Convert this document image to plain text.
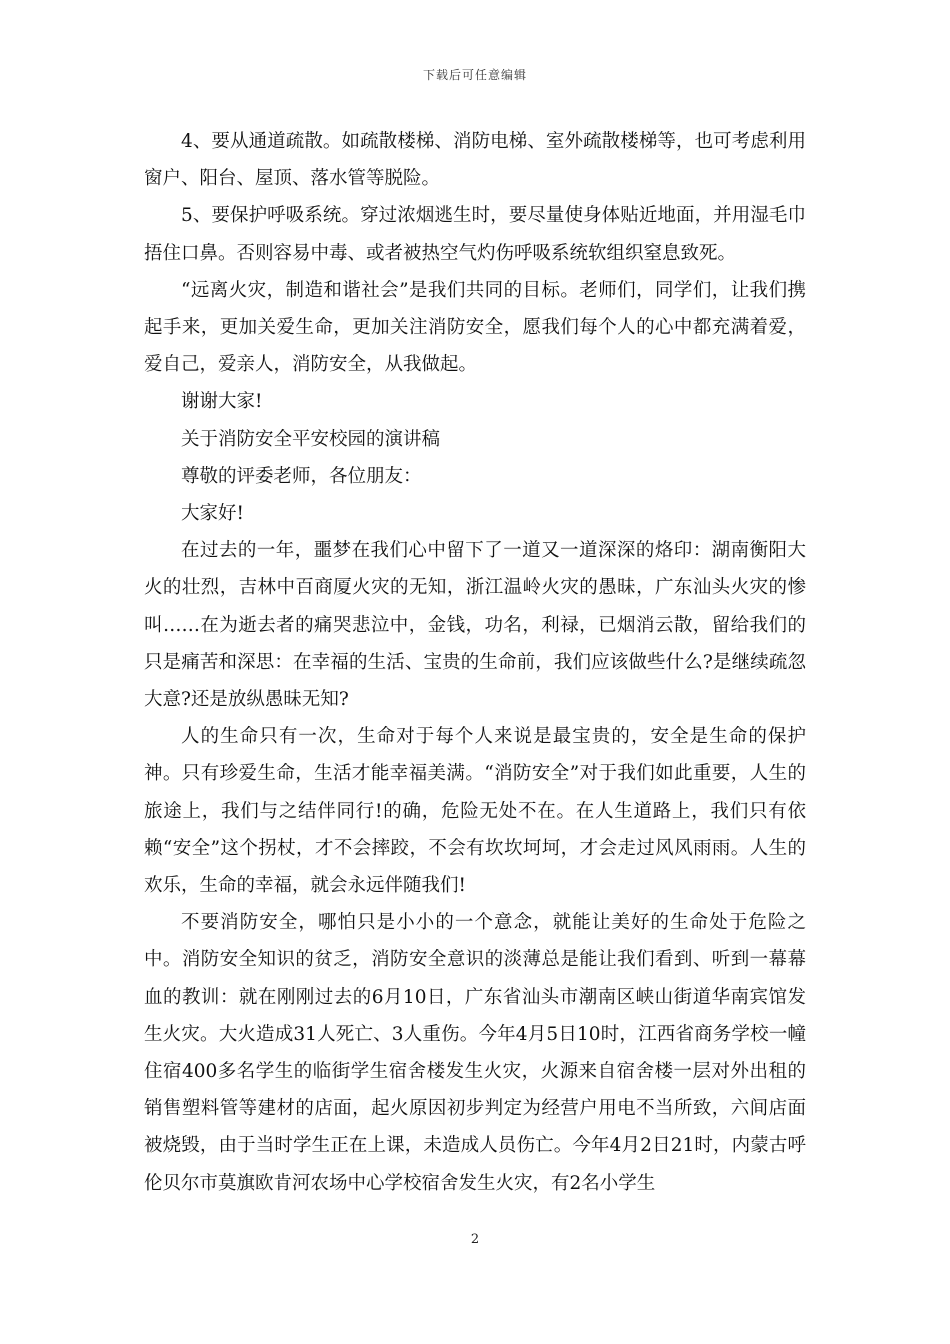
下载后可任意编辑

4、要从通道疏散。如疏散楼梯、消防电梯、室外疏散楼梯等，也可考虑利用窗户、阳台、屋顶、落水管等脱险。

5、要保护呼吸系统。穿过浓烟逃生时，要尽量使身体贴近地面，并用湿毛巾捂住口鼻。否则容易中毒、或者被热空气灼伤呼吸系统软组织窒息致死。

“远离火灾，制造和谐社会”是我们共同的目标。老师们，同学们，让我们携起手来，更加关爱生命，更加关注消防安全，愿我们每个人的心中都充满着爱，爱自己，爱亲人，消防安全，从我做起。

谢谢大家!

关于消防安全平安校园的演讲稿

尊敬的评委老师，各位朋友：

大家好!

在过去的一年，噩梦在我们心中留下了一道又一道深深的烙印：湖南衡阳大火的壮烈，吉林中百商厦火灾的无知，浙江温岭火灾的愚昧，广东汕头火灾的惨叫……在为逝去者的痛哭悲泣中，金钱，功名，利禄，已烟消云散，留给我们的只是痛苦和深思：在幸福的生活、宝贵的生命前，我们应该做些什么?是继续疏忽大意?还是放纵愚昧无知?

人的生命只有一次，生命对于每个人来说是最宝贵的，安全是生命的保护神。只有珍爱生命，生活才能幸福美满。“消防安全”对于我们如此重要，人生的旅途上，我们与之结伴同行!的确，危险无处不在。在人生道路上，我们只有依赖“安全”这个拐杖，才不会摔跤，不会有坎坎坷坷，才会走过风风雨雨。人生的欢乐，生命的幸福，就会永远伴随我们!

不要消防安全，哪怕只是小小的一个意念，就能让美好的生命处于危险之中。消防安全知识的贫乏，消防安全意识的淡薄总是能让我们看到、听到一幕幕血的教训：就在刚刚过去的6月10日，广东省汕头市潮南区峡山街道华南宾馆发生火灾。大火造成31人死亡、3人重伤。今年4月5日10时，江西省商务学校一幢住宿400多名学生的临街学生宿舍楼发生火灾，火源来自宿舍楼一层对外出租的销售塑料管等建材的店面，起火原因初步判定为经营户用电不当所致，六间店面被烧毁，由于当时学生正在上课，未造成人员伤亡。今年4月2日21时，内蒙古呼伦贝尔市莫旗欧肯河农场中心学校宿舍发生火灾，有2名小学生

2
